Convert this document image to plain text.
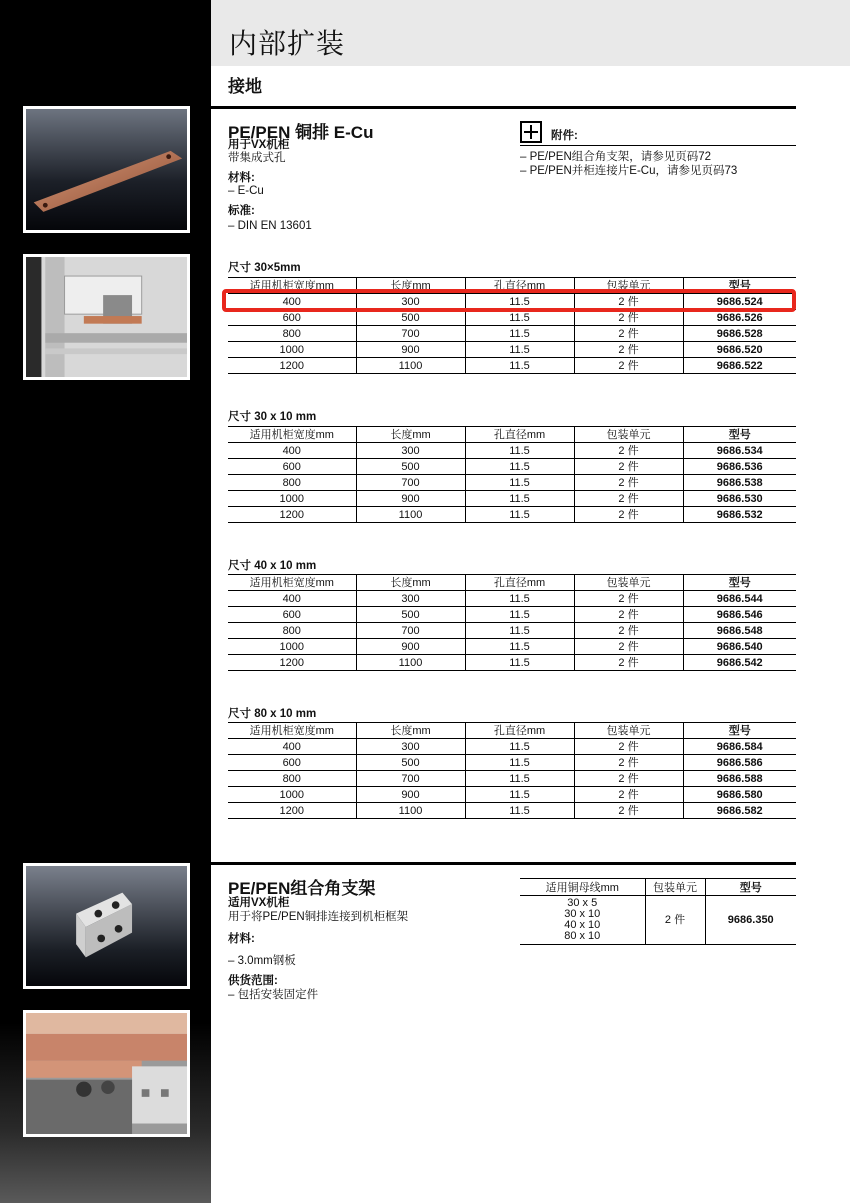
内部扩装
接地
PE/PEN 铜排 E-Cu
用于VX机柜
带集成式孔
材料:
– E-Cu
标准:
– DIN EN 13601
附件:
– PE/PEN组合角支架，请参见页码72
– PE/PEN并柜连接片E-Cu，请参见页码73
尺寸 30×5mm
适用机柜宽度mm	长度mm	孔直径mm	包装单元	型号
400	300	11.5	2 件	9686.524
600	500	11.5	2 件	9686.526
800	700	11.5	2 件	9686.528
1000	900	11.5	2 件	9686.520
1200	1100	11.5	2 件	9686.522
尺寸 30 x 10 mm
适用机柜宽度mm	长度mm	孔直径mm	包装单元	型号
400	300	11.5	2 件	9686.534
600	500	11.5	2 件	9686.536
800	700	11.5	2 件	9686.538
1000	900	11.5	2 件	9686.530
1200	1100	11.5	2 件	9686.532
尺寸 40 x 10 mm
适用机柜宽度mm	长度mm	孔直径mm	包装单元	型号
400	300	11.5	2 件	9686.544
600	500	11.5	2 件	9686.546
800	700	11.5	2 件	9686.548
1000	900	11.5	2 件	9686.540
1200	1100	11.5	2 件	9686.542
尺寸 80 x 10 mm
适用机柜宽度mm	长度mm	孔直径mm	包装单元	型号
400	300	11.5	2 件	9686.584
600	500	11.5	2 件	9686.586
800	700	11.5	2 件	9686.588
1000	900	11.5	2 件	9686.580
1200	1100	11.5	2 件	9686.582
PE/PEN组合角支架
适用VX机柜
用于将PE/PEN铜排连接到机柜框架
材料:
– 3.0mm钢板
供货范围:
– 包括安装固定件
适用铜母线mm	包装单元	型号

30 x 5
30 x 10
40 x 10
80 x 10	2 件	9686.350
